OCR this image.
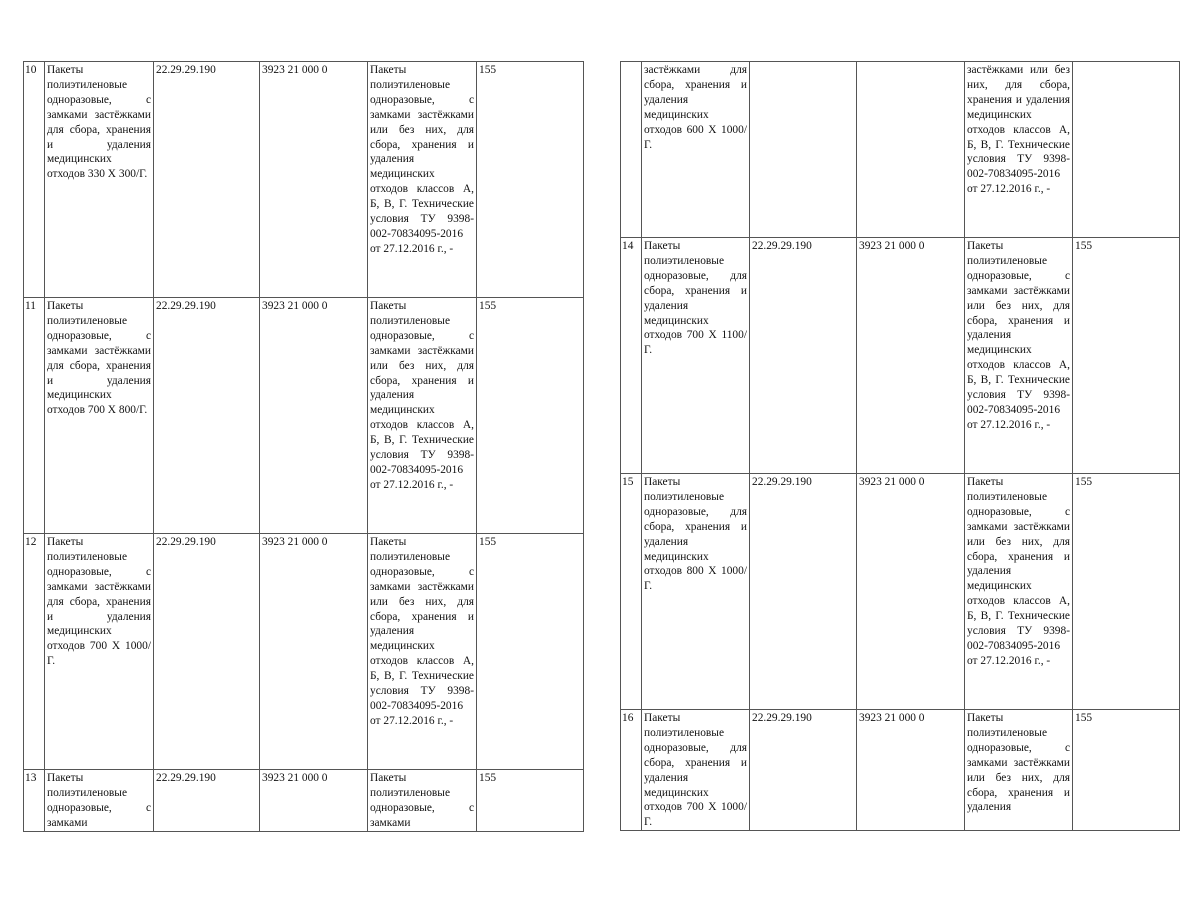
10	Пакеты полиэтиленовые одноразовые, с замками застёжками для сбора, хранения и удаления медицинских отходов 330 Х 300/Г.	22.29.29.190	3923 21 000 0	Пакеты полиэтиленовые одноразовые, с замками застёжками или без них, для сбора, хранения и удаления медицинских отходов классов А, Б, В, Г. Технические условия ТУ 9398-002-70834095-2016 от 27.12.2016 г., -	155
11	Пакеты полиэтиленовые одноразовые, с замками застёжками для сбора, хранения и удаления медицинских отходов 700 Х 800/Г.	22.29.29.190	3923 21 000 0	Пакеты полиэтиленовые одноразовые, с замками застёжками или без них, для сбора, хранения и удаления медицинских отходов классов А, Б, В, Г. Технические условия ТУ 9398-002-70834095-2016 от 27.12.2016 г., -	155
12	Пакеты полиэтиленовые одноразовые, с замками застёжками для сбора, хранения и удаления медицинских отходов 700 Х 1000/Г.	22.29.29.190	3923 21 000 0	Пакеты полиэтиленовые одноразовые, с замками застёжками или без них, для сбора, хранения и удаления медицинских отходов классов А, Б, В, Г. Технические условия ТУ 9398-002-70834095-2016 от 27.12.2016 г., -	155
13	Пакеты полиэтиленовые одноразовые, с замками	22.29.29.190	3923 21 000 0	Пакеты полиэтиленовые одноразовые, с замками	155
	застёжками для сбора, хранения и удаления медицинских отходов 600 Х 1000/Г.			застёжками или без них, для сбора, хранения и удаления медицинских отходов классов А, Б, В, Г. Технические условия ТУ 9398-002-70834095-2016 от 27.12.2016 г., -	
14	Пакеты полиэтиленовые одноразовые, для сбора, хранения и удаления медицинских отходов 700 Х 1100/Г.	22.29.29.190	3923 21 000 0	Пакеты полиэтиленовые одноразовые, с замками застёжками или без них, для сбора, хранения и удаления медицинских отходов классов А, Б, В, Г. Технические условия ТУ 9398-002-70834095-2016 от 27.12.2016 г., -	155
15	Пакеты полиэтиленовые одноразовые, для сбора, хранения и удаления медицинских отходов 800 Х 1000/Г.	22.29.29.190	3923 21 000 0	Пакеты полиэтиленовые одноразовые, с замками застёжками или без них, для сбора, хранения и удаления медицинских отходов классов А, Б, В, Г. Технические условия ТУ 9398-002-70834095-2016 от 27.12.2016 г., -	155
16	Пакеты полиэтиленовые одноразовые, для сбора, хранения и удаления медицинских отходов 700 Х 1000/Г.	22.29.29.190	3923 21 000 0	Пакеты полиэтиленовые одноразовые, с замками застёжками или без них, для сбора, хранения и удаления	155
